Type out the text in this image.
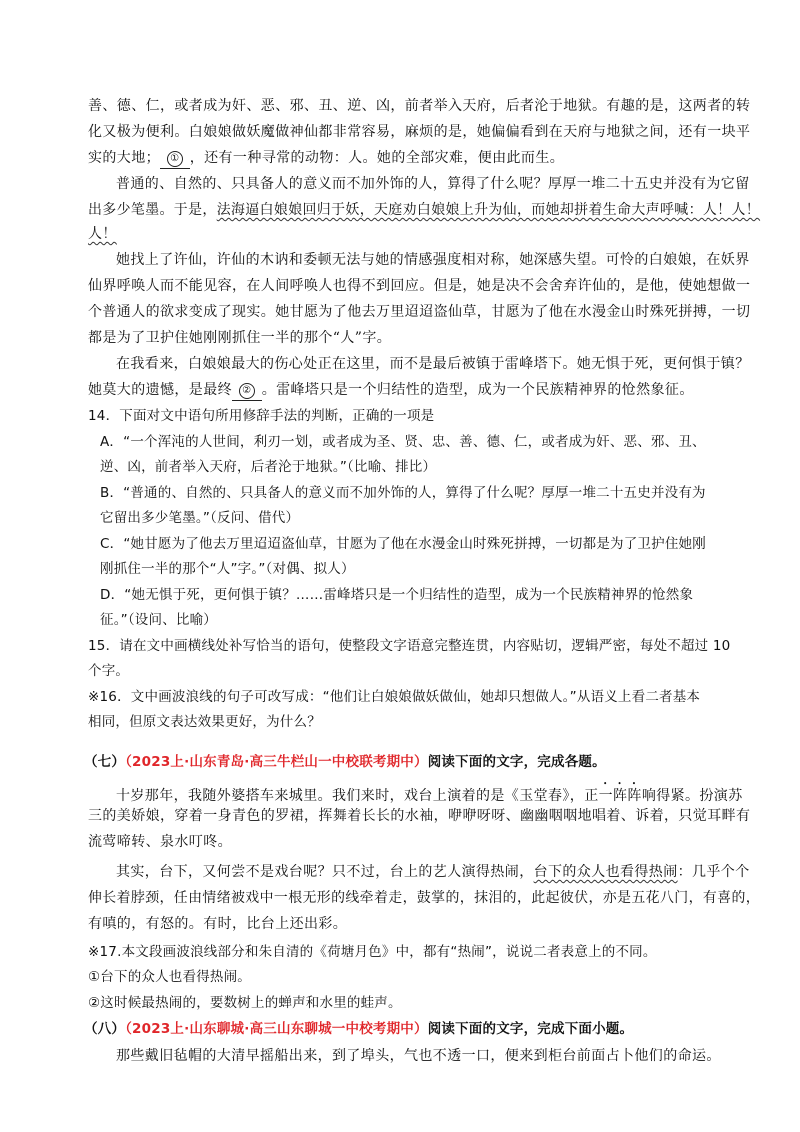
善、德、仁，或者成为奸、恶、邪、丑、逆、凶，前者举入天府，后者沦于地狱。有趣的是，这两者的转
化又极为便利。白娘娘做妖魔做神仙都非常容易，麻烦的是，她偏偏看到在天府与地狱之间，还有一块平
实的大地； ① ，还有一种寻常的动物：人。她的全部灾难，便由此而生。
普通的、自然的、只具备人的意义而不加外饰的人，算得了什么呢？厚厚一堆二十五史并没有为它留
出多少笔墨。于是，法海逼白娘娘回归于妖，天庭劝白娘娘上升为仙，而她却拼着生命大声呼喊：人！人！
人！
她找上了许仙，许仙的木讷和委顿无法与她的情感强度相对称，她深感失望。可怜的白娘娘，在妖界
仙界呼唤人而不能见容，在人间呼唤人也得不到回应。但是，她是决不会舍弃许仙的，是他，使她想做一
个普通人的欲求变成了现实。她甘愿为了他去万里迢迢盗仙草，甘愿为了他在水漫金山时殊死拼搏，一切
都是为了卫护住她刚刚抓住一半的那个“人”字。
在我看来，白娘娘最大的伤心处正在这里，而不是最后被镇于雷峰塔下。她无惧于死，更何惧于镇？
她莫大的遗憾，是最终 ② 。雷峰塔只是一个归结性的造型，成为一个民族精神界的怆然象征。
14．下面对文中语句所用修辞手法的判断，正确的一项是
A．“一个浑沌的人世间，利刃一划，或者成为圣、贤、忠、善、德、仁，或者成为奸、恶、邪、丑、
逆、凶，前者举入天府，后者沦于地狱。”（比喻、排比）
B．“普通的、自然的、只具备人的意义而不加外饰的人，算得了什么呢？厚厚一堆二十五史并没有为
它留出多少笔墨。”（反问、借代）
C．“她甘愿为了他去万里迢迢盗仙草，甘愿为了他在水漫金山时殊死拼搏，一切都是为了卫护住她刚
刚抓住一半的那个“人”字。”（对偶、拟人）
D．“她无惧于死，更何惧于镇？……雷峰塔只是一个归结性的造型，成为一个民族精神界的怆然象
征。”（设问、比喻）
15．请在文中画横线处补写恰当的语句，使整段文字语意完整连贯，内容贴切，逻辑严密，每处不超过 10
个字。
※16．文中画波浪线的句子可改写成：“他们让白娘娘做妖做仙，她却只想做人。”从语义上看二者基本
相同，但原文表达效果更好，为什么？
（七）（2023上·山东青岛·高三牛栏山一中校联考期中）阅读下面的文字，完成各题。
十岁那年，我随外婆搭车来城里。我们来时，戏台上演着的是《玉堂春》，正一阵阵响得紧。扮演苏
三的美娇娘，穿着一身青色的罗裙，挥舞着长长的水袖，咿咿呀呀、幽幽咽咽地唱着、诉着，只觉耳畔有
流莺啼转、泉水叮咚。
其实，台下，又何尝不是戏台呢？只不过，台上的艺人演得热闹，台下的众人也看得热闹：几乎个个
伸长着脖颈，任由情绪被戏中一根无形的线牵着走，鼓掌的，抹泪的，此起彼伏，亦是五花八门，有喜的，
有嗔的，有怒的。有时，比台上还出彩。
※17.本文段画波浪线部分和朱自清的《荷塘月色》中，都有“热闹”，说说二者表意上的不同。
①台下的众人也看得热闹。
②这时候最热闹的，要数树上的蝉声和水里的蛙声。
（八）（2023上·山东聊城·高三山东聊城一中校考期中）阅读下面的文字，完成下面小题。
那些戴旧毡帽的大清早摇船出来，到了埠头，气也不透一口，便来到柜台前面占卜他们的命运。
